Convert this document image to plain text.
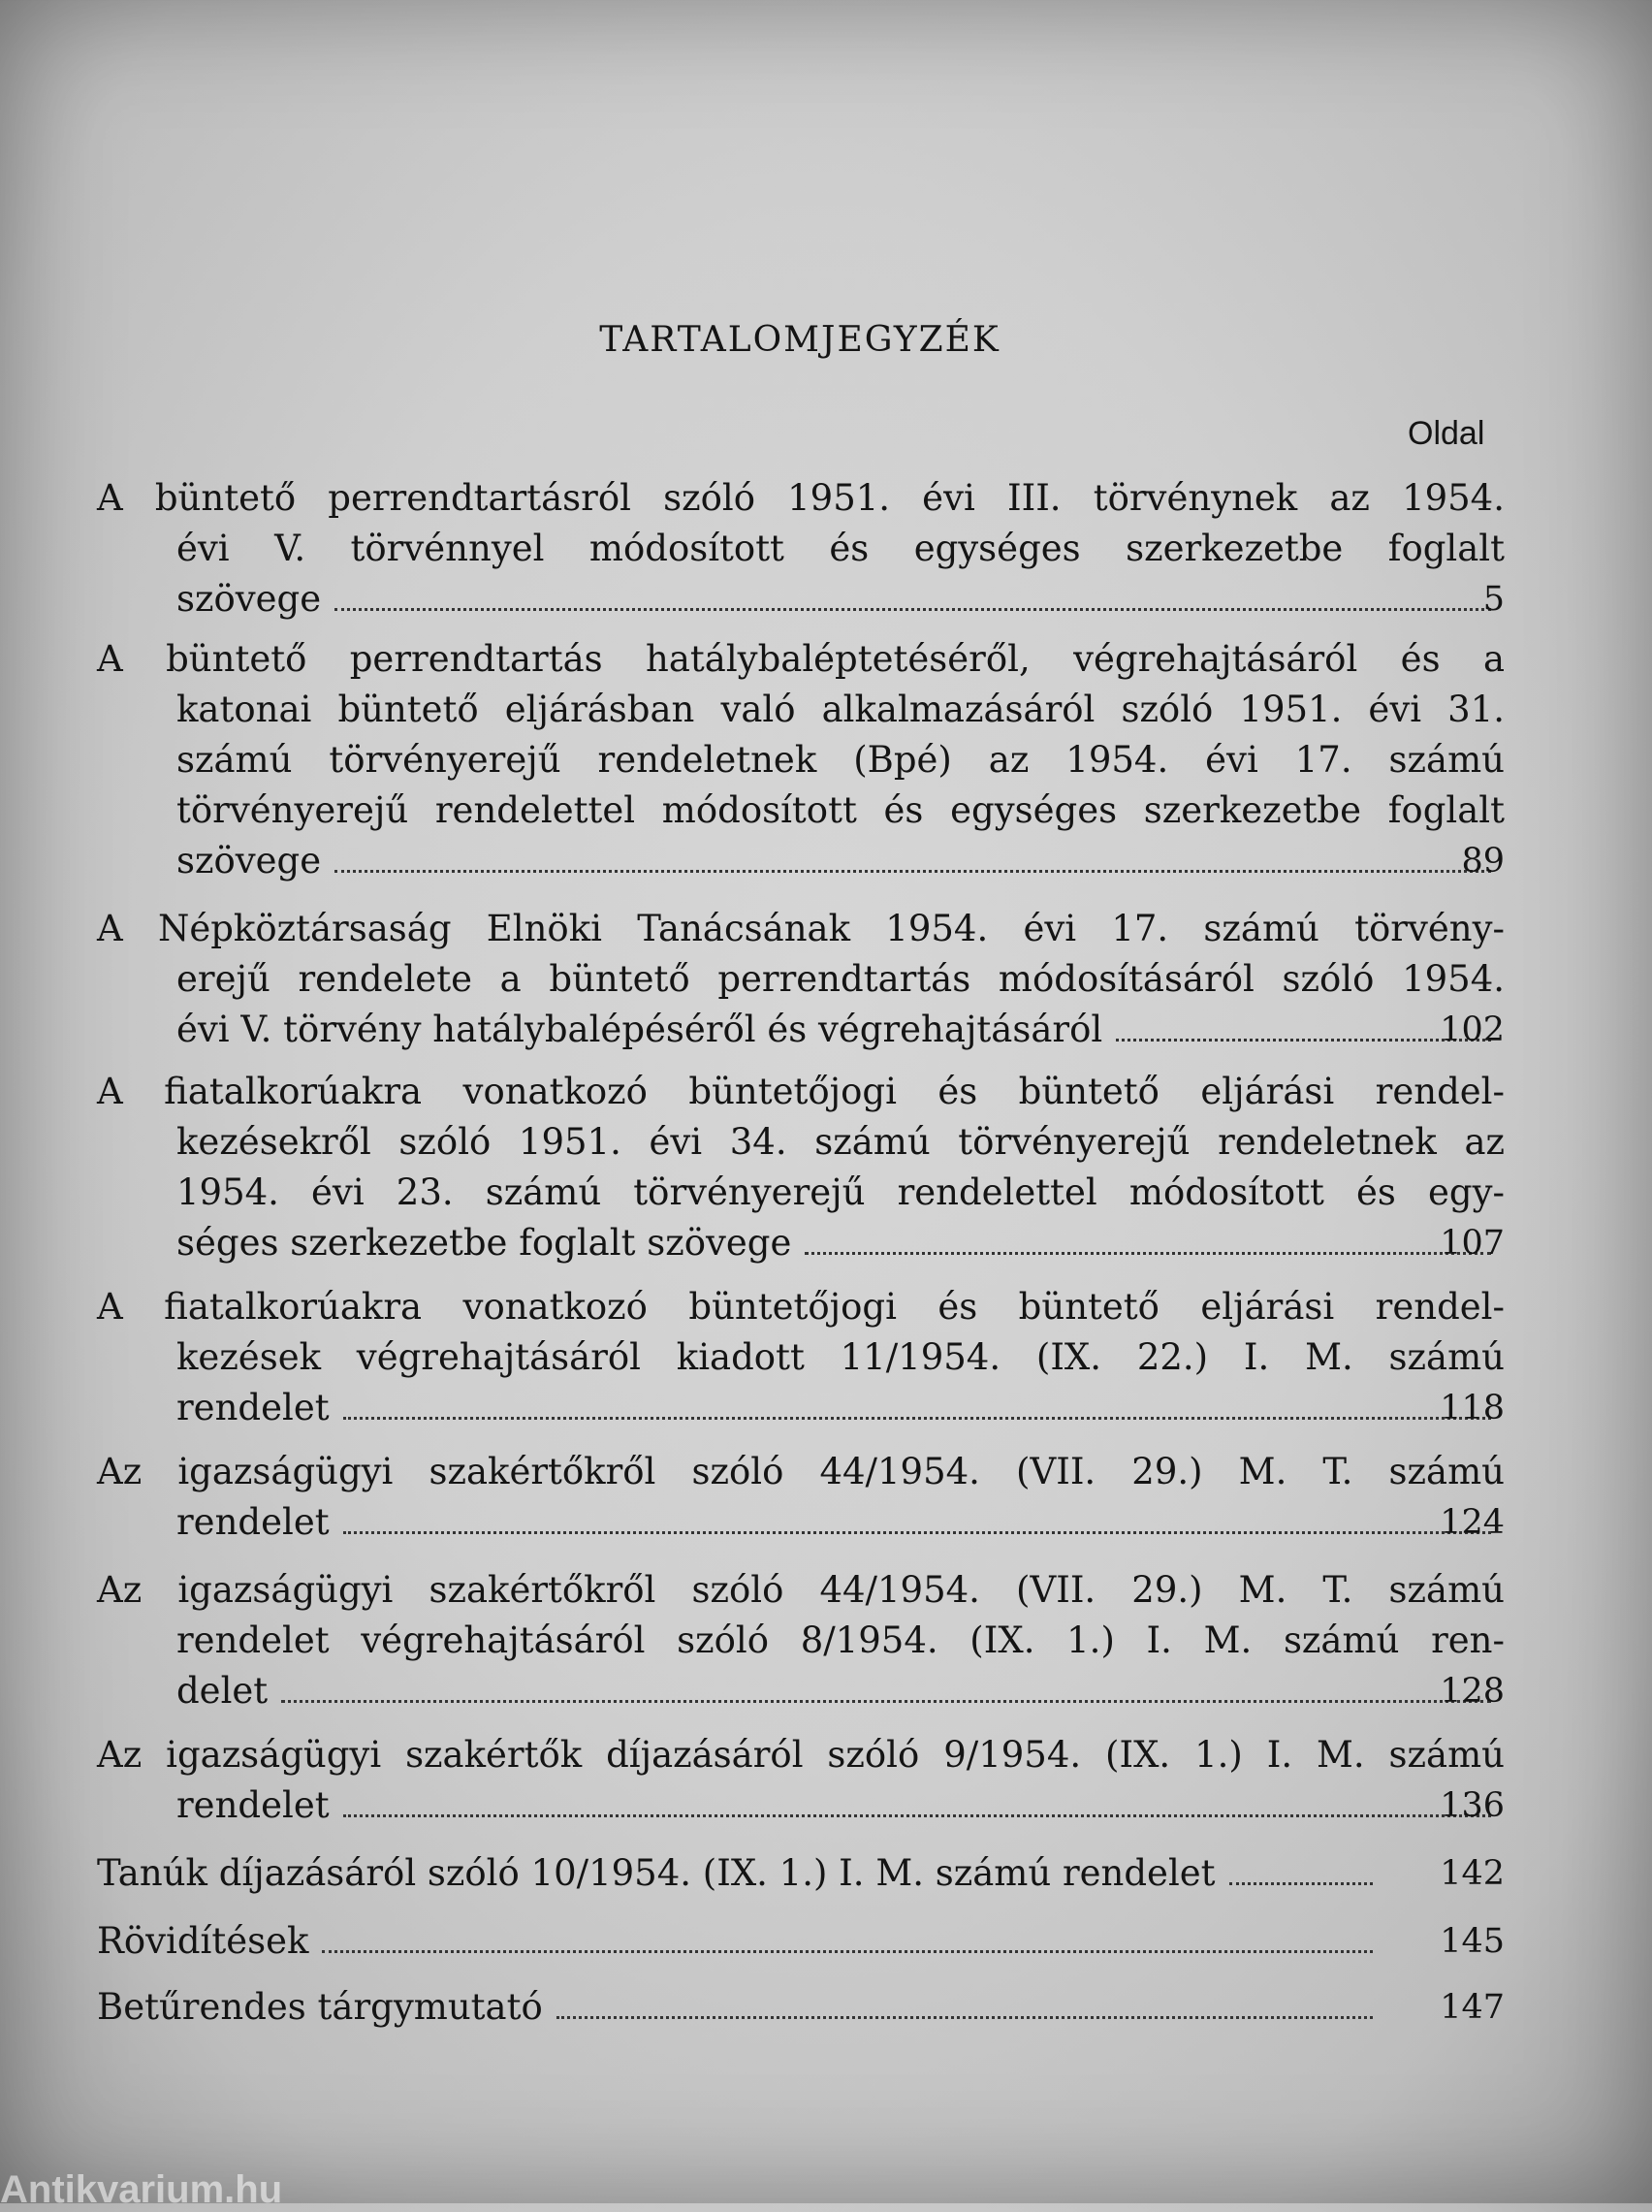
TARTALOMJEGYZÉK
Oldal
A büntető perrendtartásról szóló 1951. évi III. törvénynek az 1954.
évi V. törvénnyel módosított és egységes szerkezetbe foglalt
szövege	5
A büntető perrendtartás hatálybaléptetéséről, végrehajtásáról és a
katonai büntető eljárásban való alkalmazásáról szóló 1951. évi 31.
számú törvényerejű rendeletnek (Bpé) az 1954. évi 17. számú
törvényerejű rendelettel módosított és egységes szerkezetbe foglalt
szövege	89
A Népköztársaság Elnöki Tanácsának 1954. évi 17. számú törvény-
erejű rendelete a büntető perrendtartás módosításáról szóló 1954.
évi V. törvény hatálybalépéséről és végrehajtásáról	102
A fiatalkorúakra vonatkozó büntetőjogi és büntető eljárási rendel-
kezésekről szóló 1951. évi 34. számú törvényerejű rendeletnek az
1954. évi 23. számú törvényerejű rendelettel módosított és egy-
séges szerkezetbe foglalt szövege	107
A fiatalkorúakra vonatkozó büntetőjogi és büntető eljárási rendel-
kezések végrehajtásáról kiadott 11/1954. (IX. 22.) I. M. számú
rendelet	118
Az igazságügyi szakértőkről szóló 44/1954. (VII. 29.) M. T. számú
rendelet	124
Az igazságügyi szakértőkről szóló 44/1954. (VII. 29.) M. T. számú
rendelet végrehajtásáról szóló 8/1954. (IX. 1.) I. M. számú ren-
delet	128
Az igazságügyi szakértők díjazásáról szóló 9/1954. (IX. 1.) I. M. számú
rendelet	136
Tanúk díjazásáról szóló 10/1954. (IX. 1.) I. M. számú rendelet	142
Rövidítések	145
Betűrendes tárgymutató	147
Antikvarium.hu
